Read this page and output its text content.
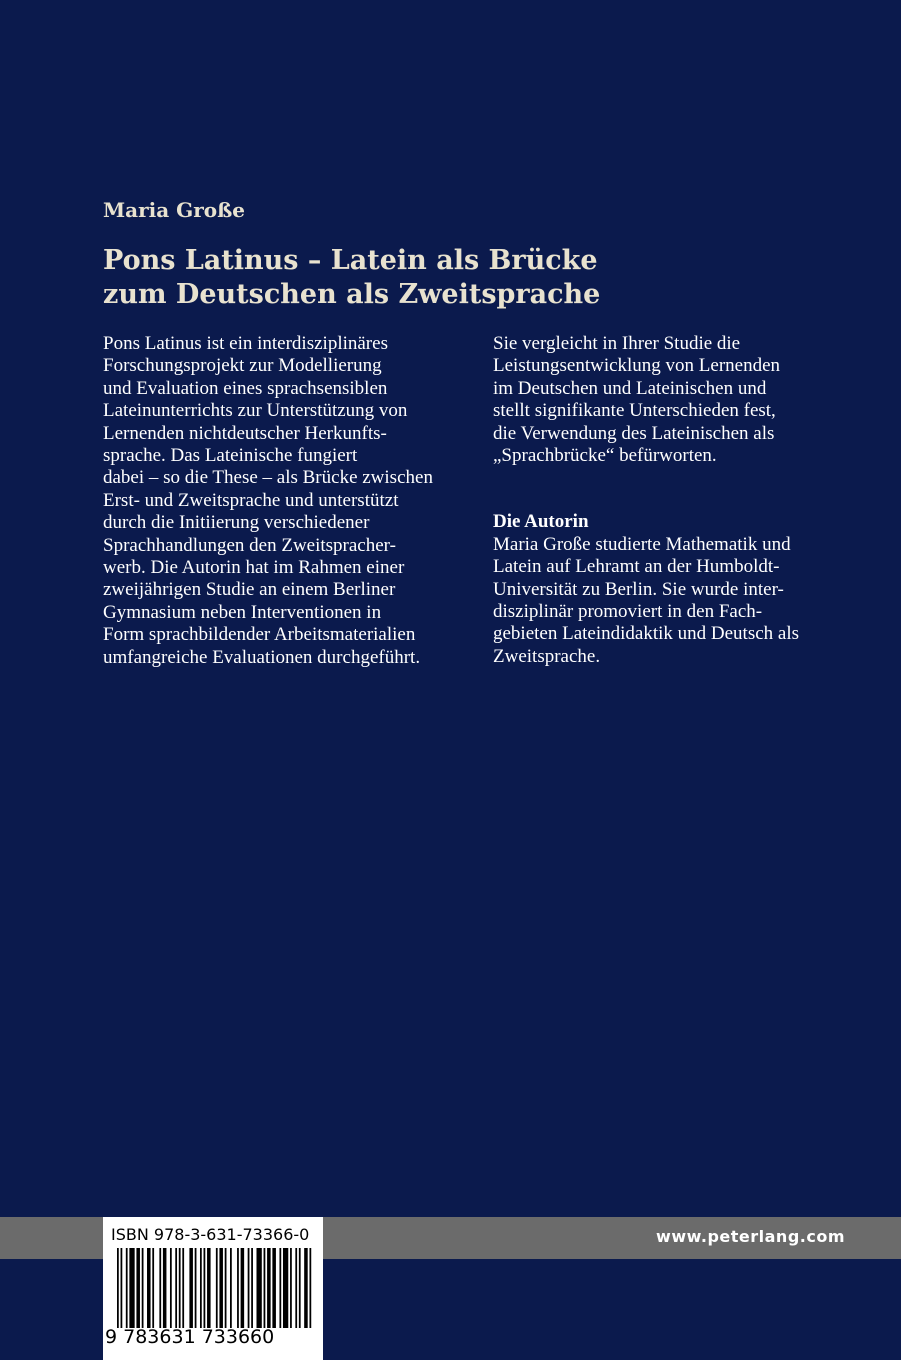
Maria Große
Pons Latinus – Latein als Brücke
zum Deutschen als Zweitsprache
Pons Latinus ist ein interdisziplinäres
Forschungsprojekt zur Modellierung
und Evaluation eines sprachsensiblen
Lateinunterrichts zur Unterstützung von
Lernenden nichtdeutscher Herkunfts-
sprache. Das Lateinische fungiert
dabei – so die These – als Brücke zwischen
Erst- und Zweitsprache und unterstützt
durch die Initiierung verschiedener
Sprachhandlungen den Zweitspracher-
werb. Die Autorin hat im Rahmen einer
zweijährigen Studie an einem Berliner
Gymnasium neben Interventionen in
Form sprachbildender Arbeitsmaterialien
umfangreiche Evaluationen durchgeführt.
Sie vergleicht in Ihrer Studie die
Leistungsentwicklung von Lernenden
im Deutschen und Lateinischen und
stellt signifikante Unterschieden fest,
die Verwendung des Lateinischen als
„Sprachbrücke“ befürworten.
Die Autorin
Maria Große studierte Mathematik und
Latein auf Lehramt an der Humboldt-
Universität zu Berlin. Sie wurde inter-
disziplinär promoviert in den Fach-
gebieten Lateindidaktik und Deutsch als
Zweitsprache.
www.peterlang.com
ISBN 978-3-631-73366-0
9 783631 733660
